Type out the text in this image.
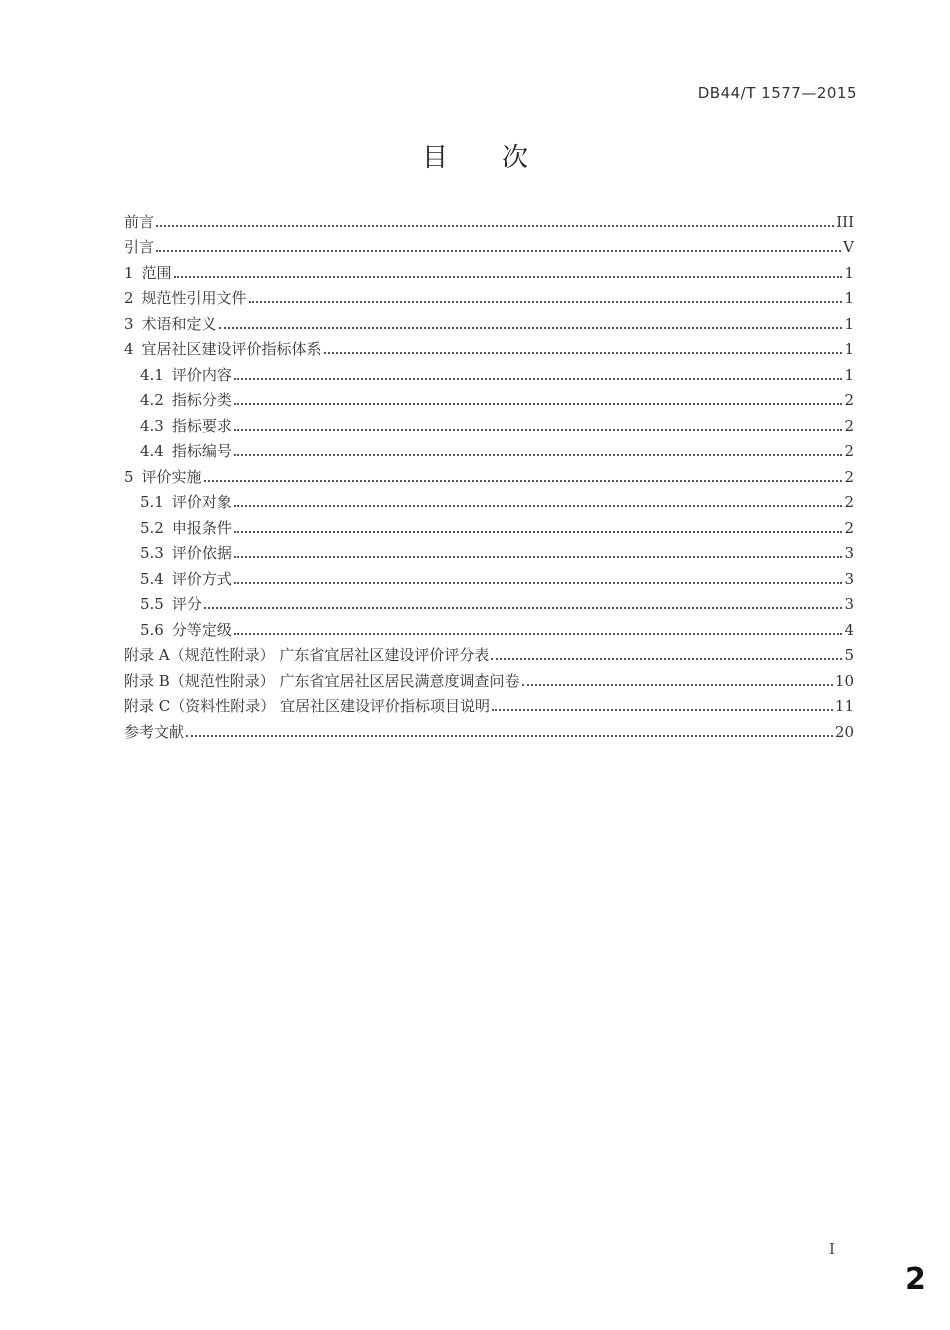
DB44/T 1577—2015
目次
前言	III
引言	V
1 范围	1
2 规范性引用文件	1
3 术语和定义	1
4 宜居社区建设评价指标体系	1
4.1 评价内容	1
4.2 指标分类	2
4.3 指标要求	2
4.4 指标编号	2
5 评价实施	2
5.1 评价对象	2
5.2 申报条件	2
5.3 评价依据	3
5.4 评价方式	3
5.5 评分	3
5.6 分等定级	4
附录 A（规范性附录） 广东省宜居社区建设评价评分表	5
附录 B（规范性附录） 广东省宜居社区居民满意度调查问卷	10
附录 C（资料性附录） 宜居社区建设评价指标项目说明	11
参考文献	20
I
2
